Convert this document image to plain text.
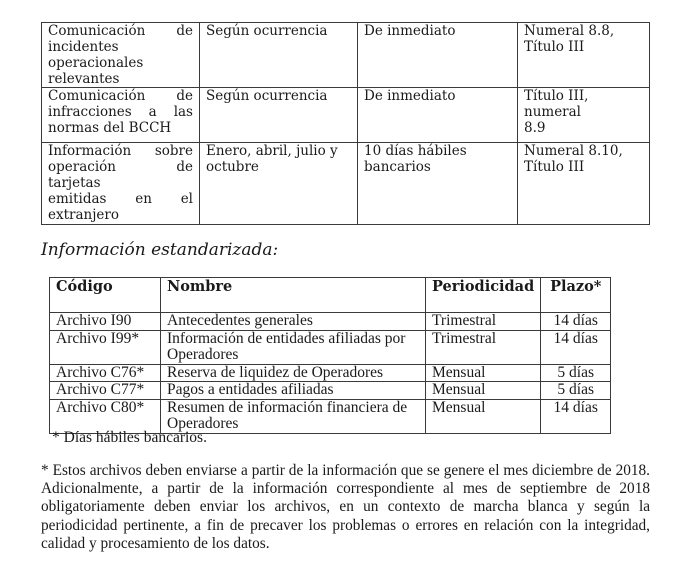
Comunicación de
incidentes
operacionales
relevantes	Según ocurrencia	De inmediato	Numeral 8.8,
Título III

Comunicación de
infracciones a las
normas del BCCH	Según ocurrencia	De inmediato	Título III, numeral
8.9

Información sobre
operación de tarjetas
emitidas en el
extranjero	Enero, abril, julio y
octubre	10 días hábiles
bancarios	Numeral 8.10,
Título III
Información estandarizada:
Código	Nombre	Periodicidad	Plazo*
Archivo I90	Antecedentes generales	Trimestral	14 días
Archivo I99*	Información de entidades afiliadas por
Operadores	Trimestral	14 días
Archivo C76*	Reserva de liquidez de Operadores	Mensual	5 días
Archivo C77*	Pagos a entidades afiliadas	Mensual	5 días
Archivo C80*	Resumen de información financiera de
Operadores	Mensual	14 días
* Días hábiles bancarios.
* Estos archivos deben enviarse a partir de la información que se genere el mes diciembre de 2018. Adicionalmente, a partir de la información correspondiente al mes de septiembre de 2018 obligatoriamente deben enviar los archivos, en un contexto de marcha blanca y según la periodicidad pertinente, a fin de precaver los problemas o errores en relación con la integridad, calidad y procesamiento de los datos.
